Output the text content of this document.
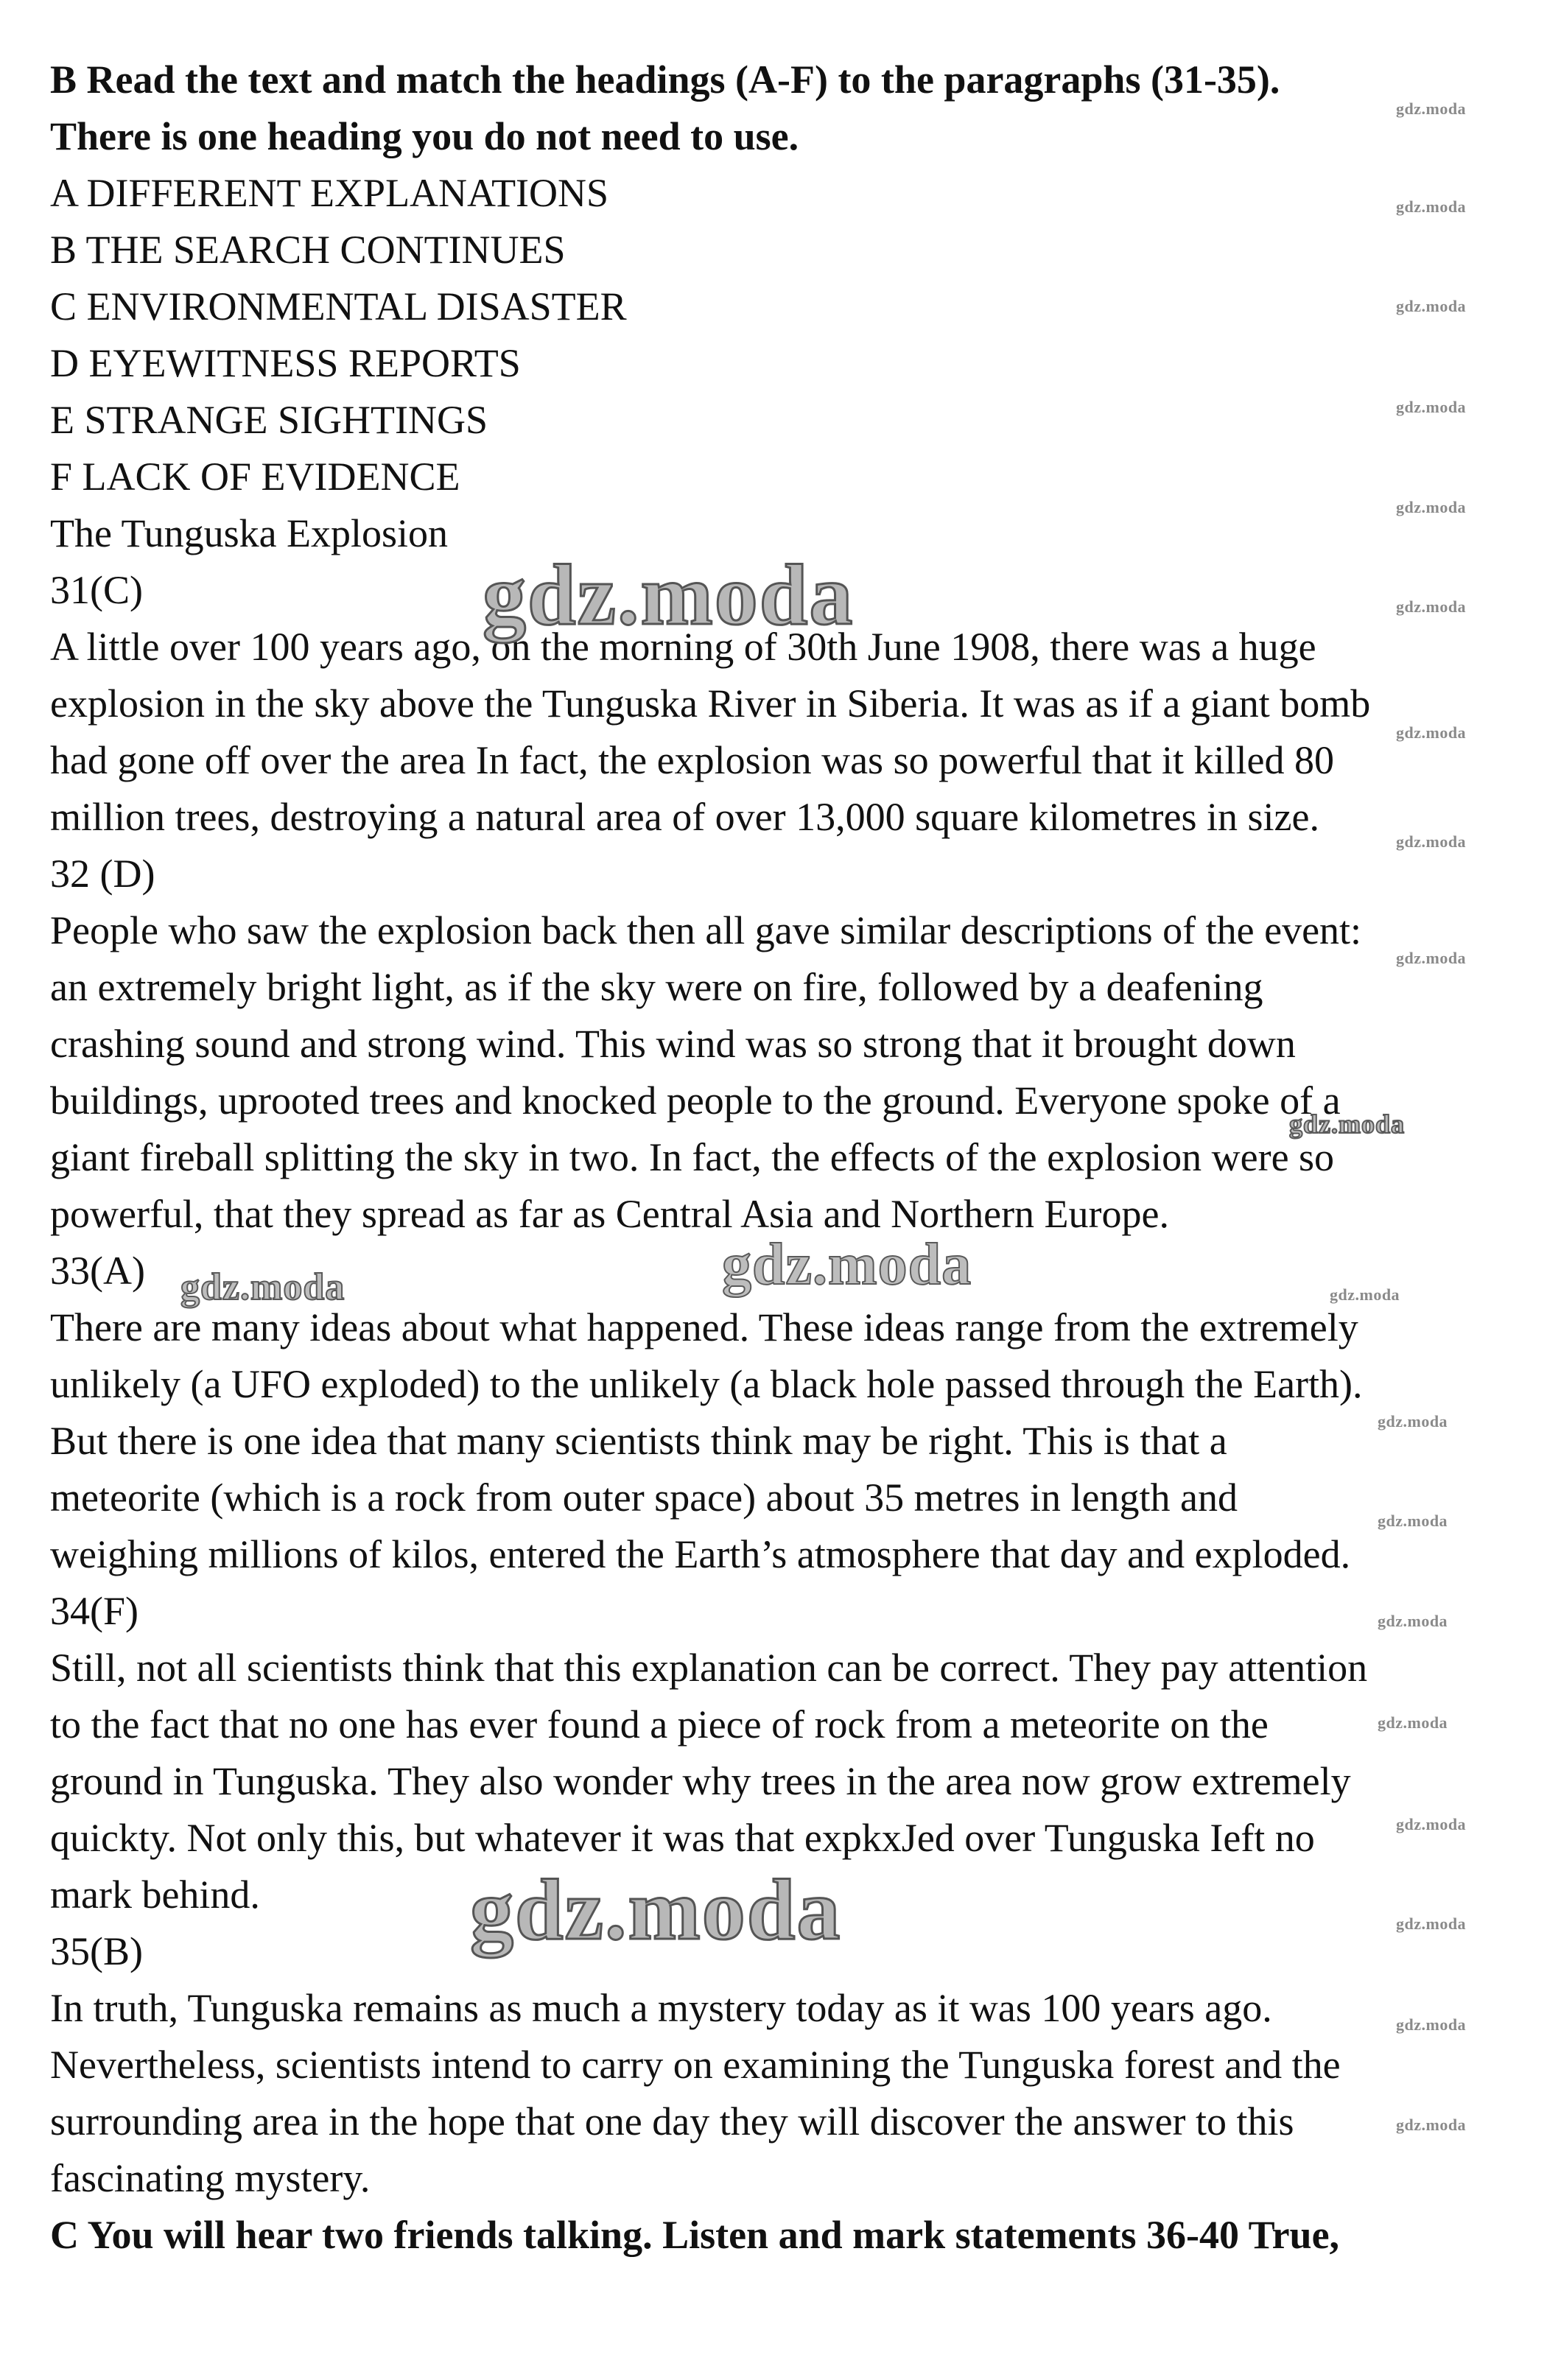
B Read the text and match the headings (A-F) to the paragraphs (31-35).
There is one heading you do not need to use.
A DIFFERENT EXPLANATIONS
B THE SEARCH CONTINUES
C ENVIRONMENTAL DISASTER
D EYEWITNESS REPORTS
E STRANGE SIGHTINGS
F LACK OF EVIDENCE
The Tunguska Explosion
31(C)
A little over 100 years ago, on the morning of 30th June 1908, there was a huge
explosion in the sky above the Tunguska River in Siberia. It was as if a giant bomb
had gone off over the area In fact, the explosion was so powerful that it killed 80
million trees, destroying a natural area of over 13,000 square kilometres in size.
32 (D)
People who saw the explosion back then all gave similar descriptions of the event:
an extremely bright light, as if the sky were on fire, followed by a deafening
crashing sound and strong wind. This wind was so strong that it brought down
buildings, uprooted trees and knocked people to the ground. Everyone spoke of a
giant fireball splitting the sky in two. In fact, the effects of the explosion were so
powerful, that they spread as far as Central Asia and Northern Europe.
33(A)
There are many ideas about what happened. These ideas range from the extremely
unlikely (a UFO exploded) to the unlikely (a black hole passed through the Earth).
But there is one idea that many scientists think may be right. This is that a
meteorite (which is a rock from outer space) about 35 metres in length and
weighing millions of kilos, entered the Earth’s atmosphere that day and exploded.
34(F)
Still, not all scientists think that this explanation can be correct. They pay attention
to the fact that no one has ever found a piece of rock from a meteorite on the
ground in Tunguska. They also wonder why trees in the area now grow extremely
quickty. Not only this, but whatever it was that expkxJed over Tunguska Ieft no
mark behind.
35(B)
In truth, Tunguska remains as much a mystery today as it was 100 years ago.
Nevertheless, scientists intend to carry on examining the Tunguska forest and the
surrounding area in the hope that one day they will discover the answer to this
fascinating mystery.
C You will hear two friends talking. Listen and mark statements 36-40 True,
gdz.moda
gdz.moda
gdz.moda
gdz.moda
gdz.moda
gdz.moda
gdz.moda
gdz.moda
gdz.moda
gdz.moda
gdz.moda
gdz.moda
gdz.moda
gdz.moda
gdz.moda
gdz.moda
gdz.moda
gdz.moda
gdz.moda
gdz.moda
gdz.moda
gdz.moda
gdz.moda
